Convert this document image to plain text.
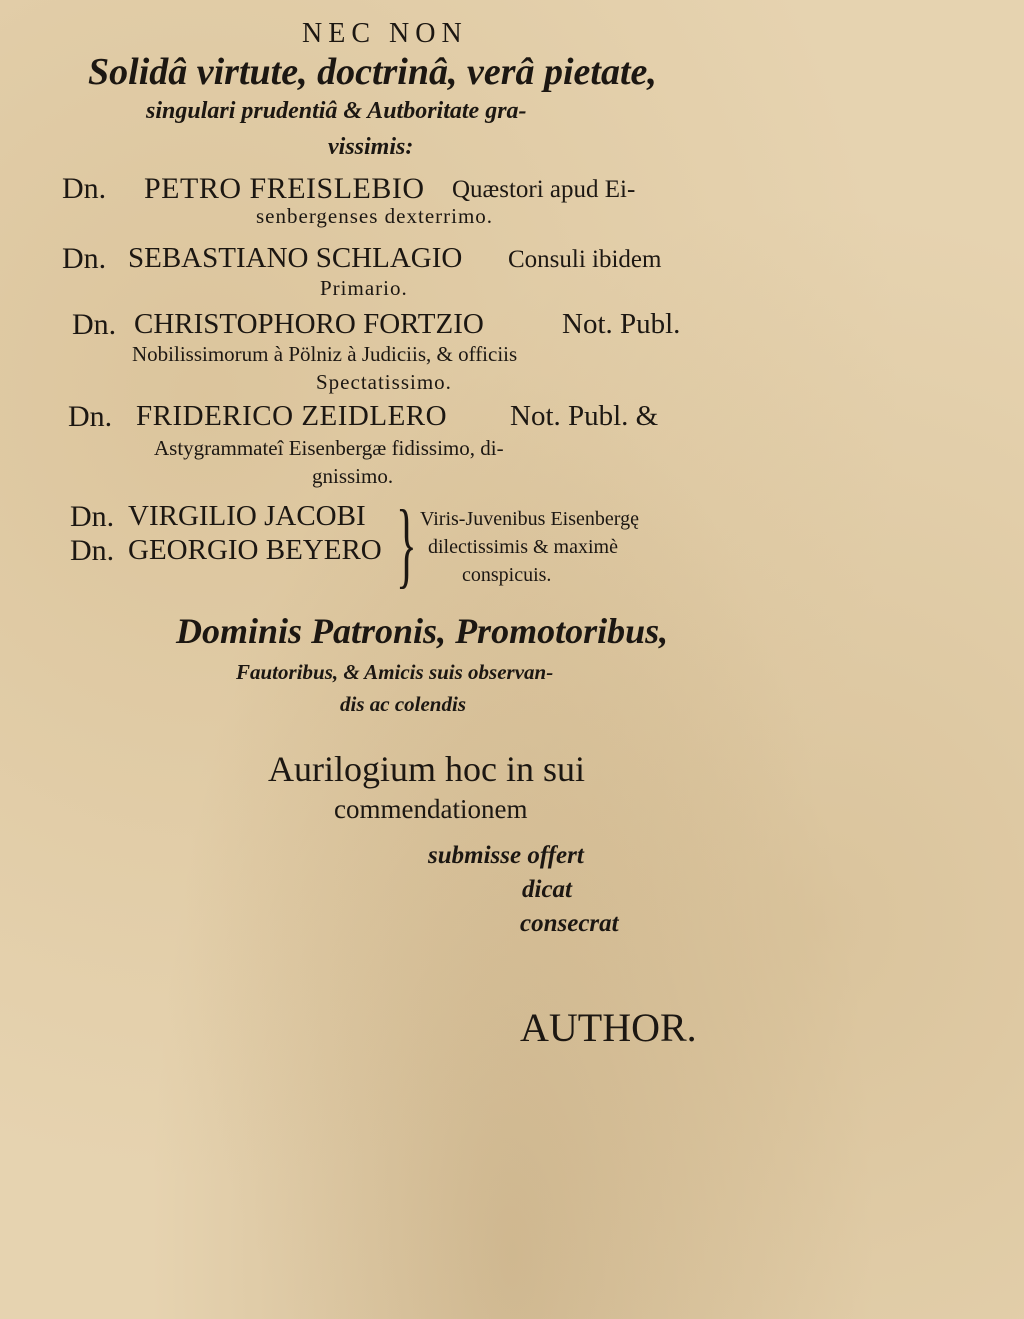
NEC NON
Solidâ virtute, doctrinâ, verâ pietate,
singulari prudentiâ & Autboritate gra-
vissimis:
Dn. PETRO FREISLEBIO Quæstori apud Ei-
senbergenses dexterrimo.
Dn. SEBASTIANO SCHLAGIO Consuli ibidem
Primario.
Dn. CHRISTOPHORO FORTZIO	Not. Publ.
Nobilissimorum à Pölniz à Judiciis, & officiis
Spectatissimo.
Dn. FRIDERICO ZEIDLERO Not. Publ. &
Astygrammateî Eisenbergæ fidissimo, di-
gnissimo.
Dn. VIRGILIO JACOBI
Dn. GEORGIO BEYERO } Viris-Juvenibus Eisenbergę
dilectissimis & maximè
conspicuis.
Dominis Patronis, Promotoribus,
Fautoribus, & Amicis suis observan-
dis ac colendis
Aurilogium hoc in sui
commendationem
submisse offert
dicat
consecrat
AUTHOR.
